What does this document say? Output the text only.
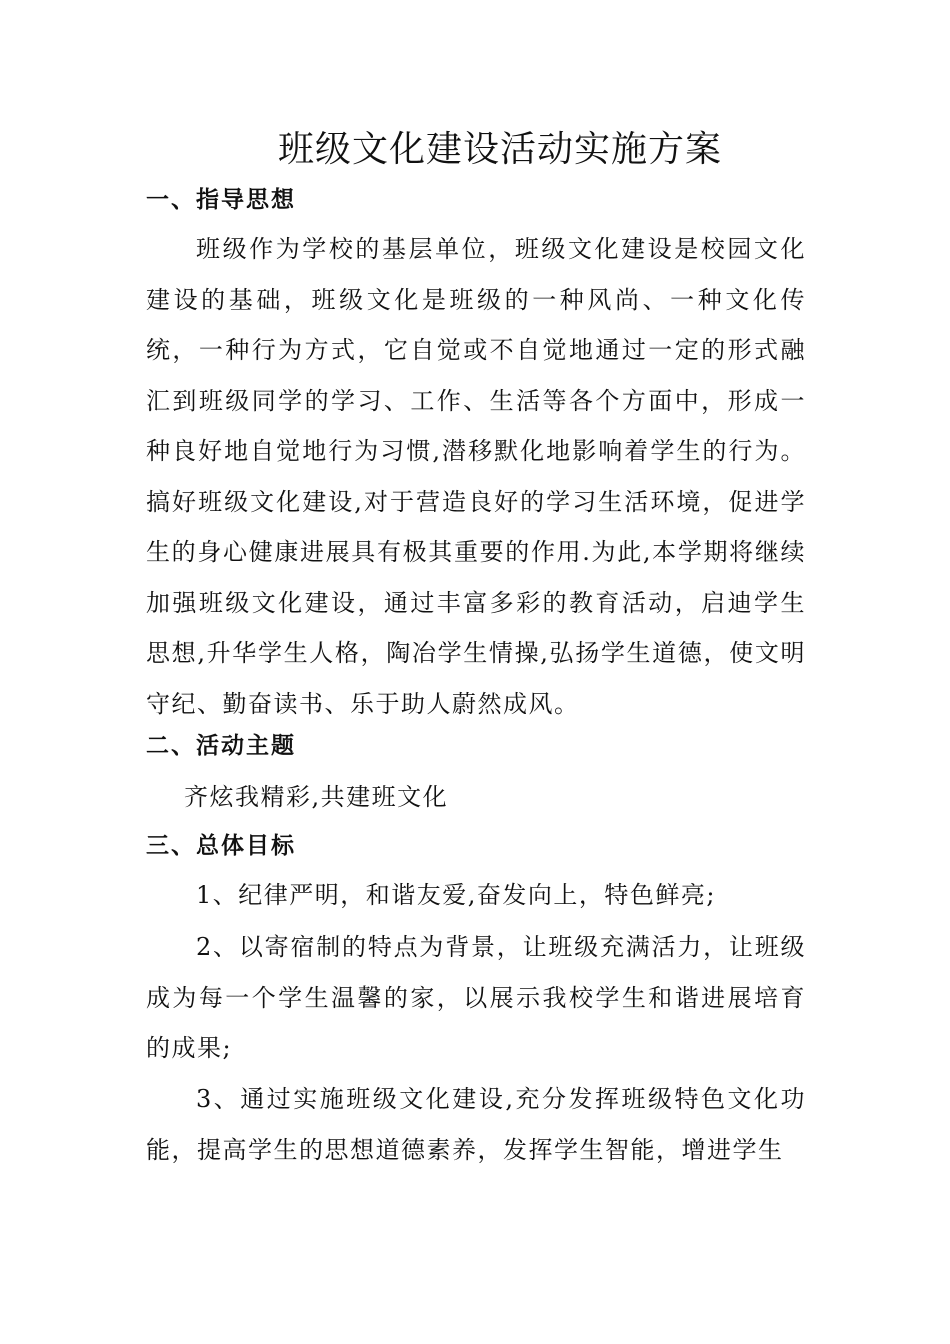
班级文化建设活动实施方案
一、指导思想
班级作为学校的基层单位，班级文化建设是校园文化建设的基础，班级文化是班级的一种风尚、一种文化传统，一种行为方式，它自觉或不自觉地通过一定的形式融汇到班级同学的学习、工作、生活等各个方面中，形成一种良好地自觉地行为习惯,潜移默化地影响着学生的行为。搞好班级文化建设,对于营造良好的学习生活环境，促进学生的身心健康进展具有极其重要的作用.为此,本学期将继续加强班级文化建设，通过丰富多彩的教育活动，启迪学生思想,升华学生人格，陶冶学生情操,弘扬学生道德，使文明守纪、勤奋读书、乐于助人蔚然成风。
二、活动主题
齐炫我精彩,共建班文化
三、总体目标
1、纪律严明，和谐友爱,奋发向上，特色鲜亮;
2、以寄宿制的特点为背景，让班级充满活力，让班级成为每一个学生温馨的家，以展示我校学生和谐进展培育的成果;
3、通过实施班级文化建设,充分发挥班级特色文化功能，提高学生的思想道德素养，发挥学生智能，增进学生
